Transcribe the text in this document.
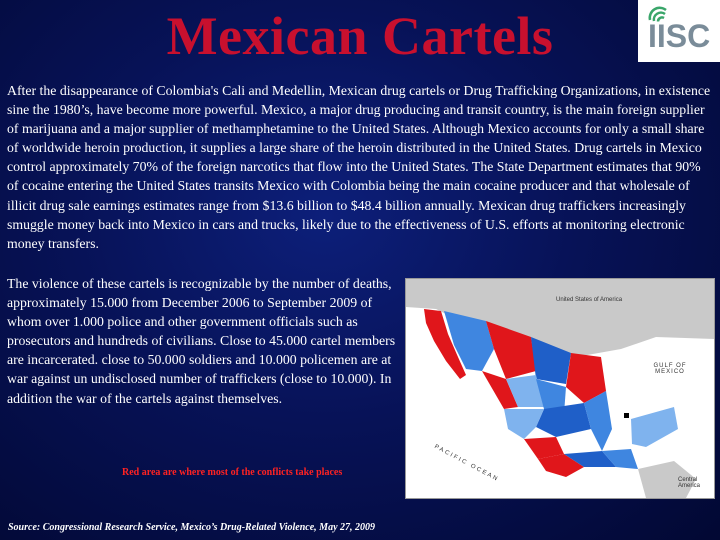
Mexican Cartels	IISC
After the disappearance of Colombia's Cali and Medellin, Mexican drug cartels or Drug Trafficking Organizations, in existence sine the 1980’s, have become more powerful. Mexico, a major drug producing and transit country, is the main foreign supplier of marijuana and a major supplier of methamphetamine to the United States. Although Mexico accounts for only a small share of worldwide heroin production, it supplies a large share of the heroin distributed in the United States. Drug cartels in Mexico control approximately 70% of the foreign narcotics that flow into the United States. The State Department estimates that 90% of cocaine entering the United States transits Mexico with Colombia being the main cocaine producer and that wholesale of illicit drug sale earnings estimates range from $13.6 billion to $48.4 billion annually. Mexican drug traffickers increasingly smuggle money back into Mexico in cars and trucks, likely due to the effectiveness of U.S. efforts at monitoring electronic money transfers.
The violence of these cartels is recognizable by the number of deaths, approximately 15.000 from December 2006 to September 2009 of whom over 1.000 police and other government officials such as prosecutors and hundreds of civilians. Close to 45.000 cartel members are incarcerated. close to 50.000 soldiers and 10.000 policemen are at war against un undisclosed number of traffickers (close to 10.000). In addition the war of the cartels against themselves.
United States of America
GULF OF MEXICO
PACIFIC OCEAN	Central America
Red area are where most of the conflicts take places
Source: Congressional Research Service, Mexico’s Drug-Related Violence, May 27, 2009
